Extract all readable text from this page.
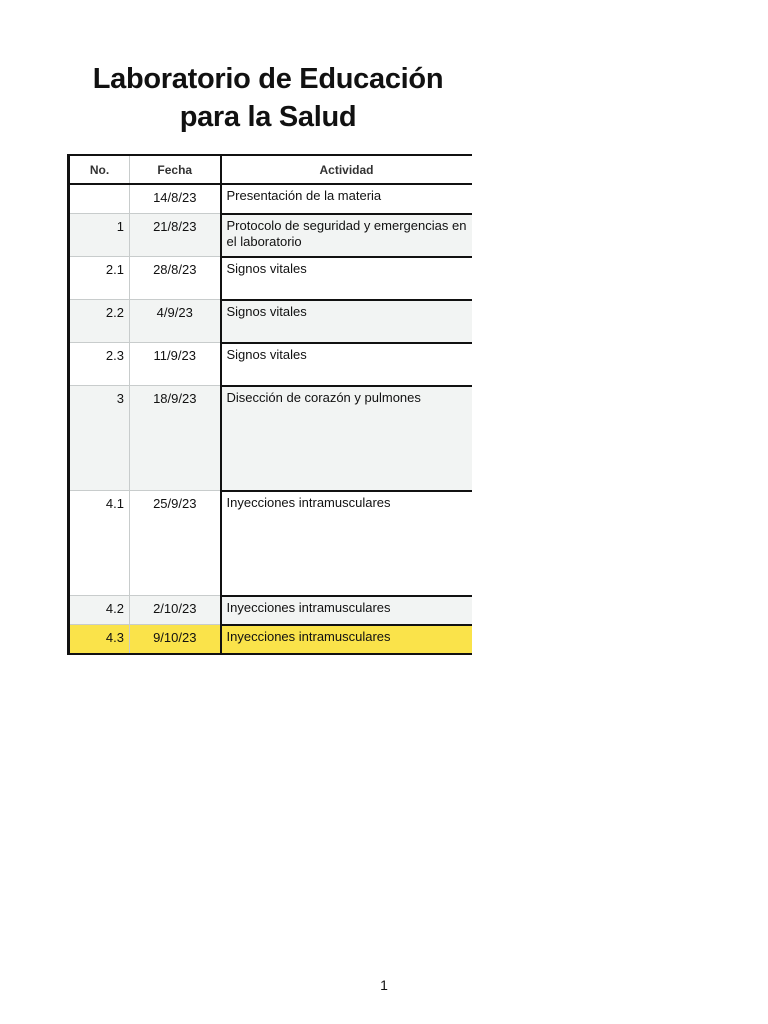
Laboratorio de Educación
para la Salud
No.	Fecha	Actividad
	14/8/23	Presentación de la materia
1	21/8/23	Protocolo de seguridad y emergencias en el laboratorio
2.1	28/8/23	Signos vitales
2.2	4/9/23	Signos vitales
2.3	11/9/23	Signos vitales
3	18/9/23	Disección de corazón y pulmones
4.1	25/9/23	Inyecciones intramusculares
4.2	2/10/23	Inyecciones intramusculares
4.3	9/10/23	Inyecciones intramusculares
1
